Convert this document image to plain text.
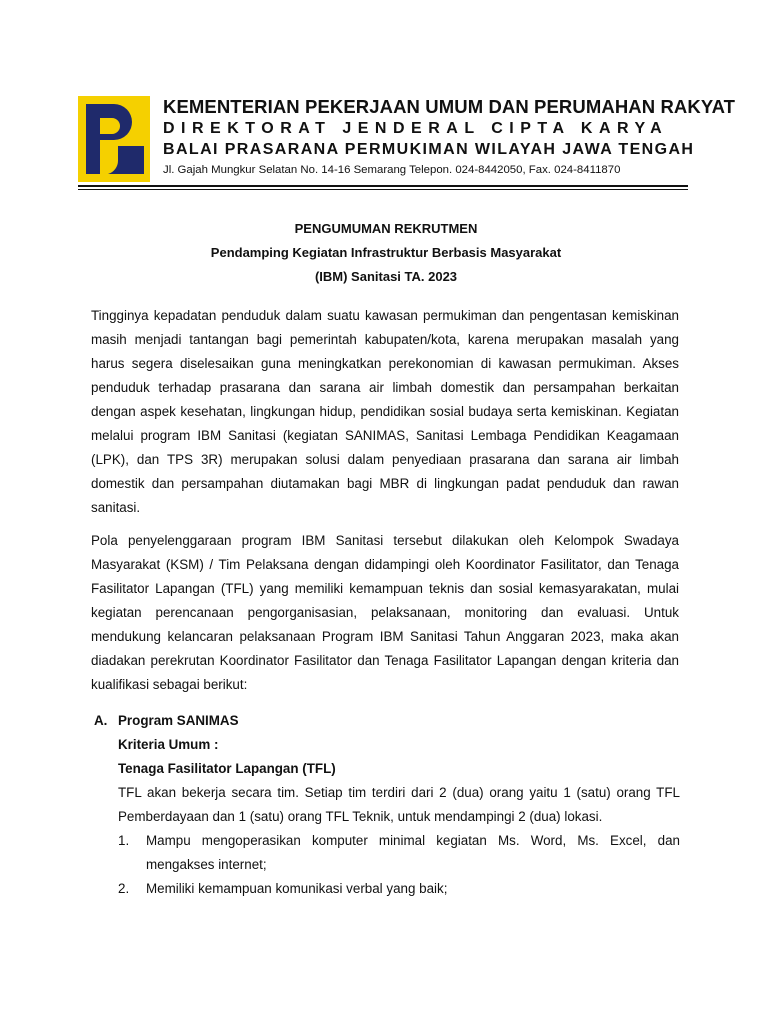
KEMENTERIAN PEKERJAAN UMUM DAN PERUMAHAN RAKYAT
DIREKTORAT JENDERAL CIPTA KARYA
BALAI PRASARANA PERMUKIMAN WILAYAH JAWA TENGAH
Jl. Gajah Mungkur Selatan No. 14-16 Semarang Telepon. 024-8442050, Fax. 024-8411870
PENGUMUMAN REKRUTMEN
Pendamping Kegiatan Infrastruktur Berbasis Masyarakat
(IBM) Sanitasi TA. 2023

Tingginya kepadatan penduduk dalam suatu kawasan permukiman dan pengentasan kemiskinan masih menjadi tantangan bagi pemerintah kabupaten/kota, karena merupakan masalah yang harus segera diselesaikan guna meningkatkan perekonomian di kawasan permukiman. Akses penduduk terhadap prasarana dan sarana air limbah domestik dan persampahan berkaitan dengan aspek kesehatan, lingkungan hidup, pendidikan sosial budaya serta kemiskinan. Kegiatan melalui program IBM Sanitasi (kegiatan SANIMAS, Sanitasi Lembaga Pendidikan Keagamaan (LPK), dan TPS 3R) merupakan solusi dalam penyediaan prasarana dan sarana air limbah domestik dan persampahan diutamakan bagi MBR di lingkungan padat penduduk dan rawan sanitasi.

Pola penyelenggaraan program IBM Sanitasi tersebut dilakukan oleh Kelompok Swadaya Masyarakat (KSM) / Tim Pelaksana dengan didampingi oleh Koordinator Fasilitator, dan Tenaga Fasilitator Lapangan (TFL) yang memiliki kemampuan teknis dan sosial kemasyarakatan, mulai kegiatan perencanaan pengorganisasian, pelaksanaan, monitoring dan evaluasi. Untuk mendukung kelancaran pelaksanaan Program IBM Sanitasi Tahun Anggaran 2023, maka akan diadakan perekrutan Koordinator Fasilitator dan Tenaga Fasilitator Lapangan dengan kriteria dan kualifikasi sebagai berikut:

A. Program SANIMAS
Kriteria Umum :
Tenaga Fasilitator Lapangan (TFL)
TFL akan bekerja secara tim. Setiap tim terdiri dari 2 (dua) orang yaitu 1 (satu) orang TFL Pemberdayaan dan 1 (satu) orang TFL Teknik, untuk mendampingi 2 (dua) lokasi.
1.	Mampu mengoperasikan komputer minimal kegiatan Ms. Word, Ms. Excel, dan mengakses internet;
2.	Memiliki kemampuan komunikasi verbal yang baik;
